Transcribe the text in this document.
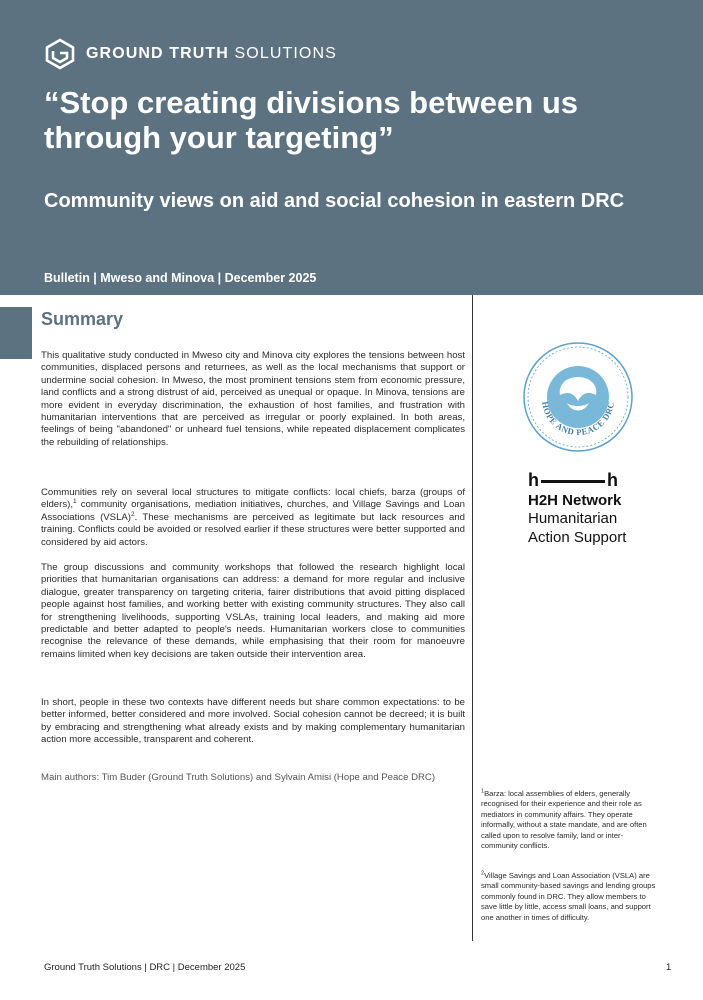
GROUND TRUTH SOLUTIONS
“Stop creating divisions between us through your targeting”
Community views on aid and social cohesion in eastern DRC
Bulletin | Mweso and Minova | December 2025
Summary

This qualitative study conducted in Mweso city and Minova city explores the tensions between host communities, displaced persons and returnees, as well as the local mechanisms that support or undermine social cohesion. In Mweso, the most prominent tensions stem from economic pressure, land conflicts and a strong distrust of aid, perceived as unequal or opaque. In Minova, tensions are more evident in everyday discrimination, the exhaustion of host families, and frustration with humanitarian interventions that are perceived as irregular or poorly explained. In both areas, feelings of being "abandoned" or unheard fuel tensions, while repeated displacement complicates the rebuilding of relationships.

Communities rely on several local structures to mitigate conflicts: local chiefs, barza (groups of elders),$^1$ community organisations, mediation initiatives, churches, and Village Savings and Loan Associations (VSLA)$^2$. These mechanisms are perceived as legitimate but lack resources and training. Conflicts could be avoided or resolved earlier if these structures were better supported and considered by aid actors.

The group discussions and community workshops that followed the research highlight local priorities that humanitarian organisations can address: a demand for more regular and inclusive dialogue, greater transparency on targeting criteria, fairer distributions that avoid pitting displaced people against host families, and working better with existing community structures. They also call for strengthening livelihoods, supporting VSLAs, training local leaders, and making aid more predictable and better adapted to people's needs. Humanitarian workers close to communities recognise the relevance of these demands, while emphasising that their room for manoeuvre remains limited when key decisions are taken outside their intervention area.

In short, people in these two contexts have different needs but share common expectations: to be better informed, better considered and more involved. Social cohesion cannot be decreed; it is built by embracing and strengthening what already exists and by making complementary humanitarian action more accessible, transparent and coherent.

Main authors: Tim Buder (Ground Truth Solutions) and Sylvain Amisi (Hope and Peace DRC)
HOPE AND PEACE DRC
h	h
H2H Network
Humanitarian
Action Support
$^1$Barza: local assemblies of elders, generally recognised for their experience and their role as mediators in community affairs. They operate informally, without a state mandate, and are often called upon to resolve family, land or inter-community conflicts.
$^2$Village Savings and Loan Association (VSLA) are small community-based savings and lending groups commonly found in DRC. They allow members to save little by little, access small loans, and support one another in times of difficulty.
Ground Truth Solutions | DRC | December 2025	1
